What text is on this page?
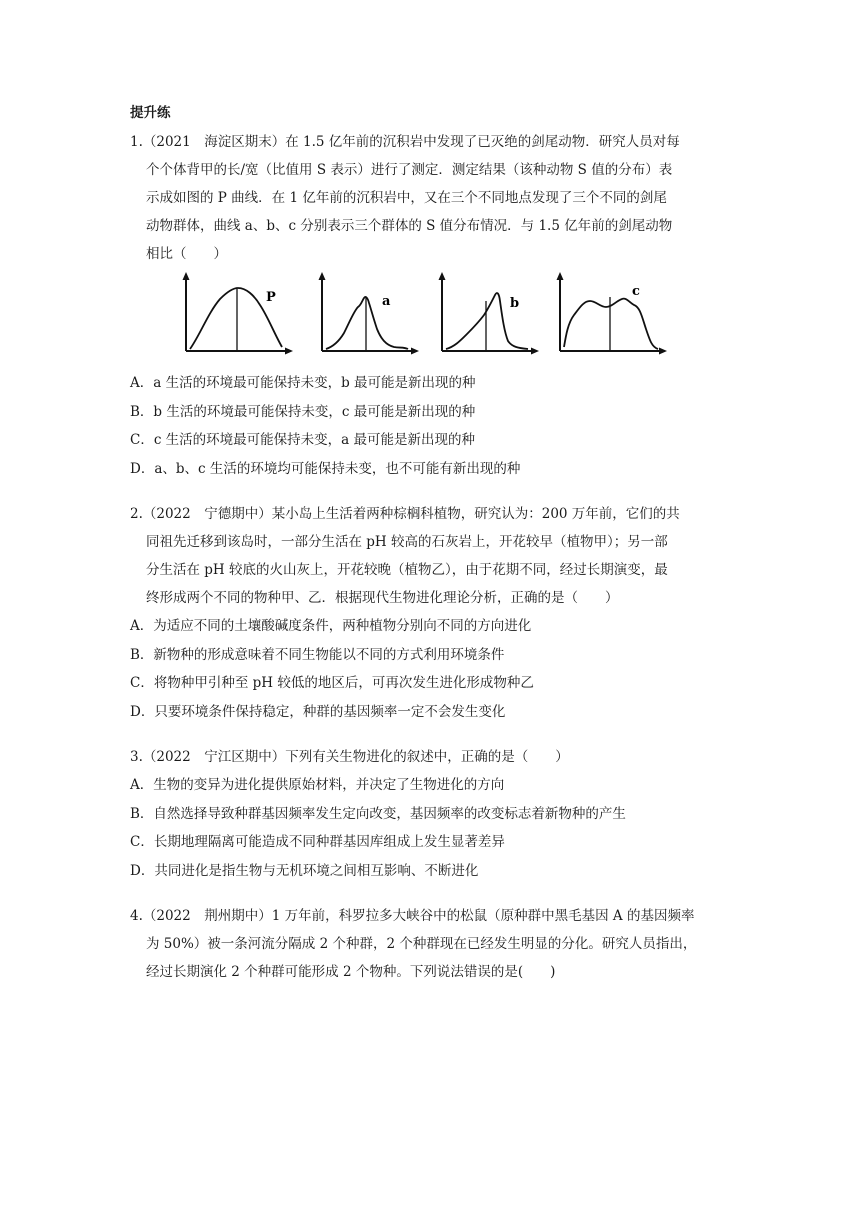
提升练
1.（2021　海淀区期末）在 1.5 亿年前的沉积岩中发现了已灭绝的剑尾动物．研究人员对每
个个体背甲的长/宽（比值用 S 表示）进行了测定．测定结果（该种动物 S 值的分布）表
示成如图的 P 曲线．在 1 亿年前的沉积岩中，又在三个不同地点发现了三个不同的剑尾
动物群体，曲线 a、b、c 分别表示三个群体的 S 值分布情况．与 1.5 亿年前的剑尾动物
相比（　　）
P	a	b
c
A．a 生活的环境最可能保持未变，b 最可能是新出现的种
B．b 生活的环境最可能保持未变，c 最可能是新出现的种
C．c 生活的环境最可能保持未变，a 最可能是新出现的种
D．a、b、c 生活的环境均可能保持未变，也不可能有新出现的种
2.（2022　宁德期中）某小岛上生活着两种棕榈科植物，研究认为：200 万年前，它们的共
同祖先迁移到该岛时，一部分生活在 pH 较高的石灰岩上，开花较早（植物甲）；另一部
分生活在 pH 较底的火山灰上，开花较晚（植物乙），由于花期不同，经过长期演变，最
终形成两个不同的物种甲、乙．根据现代生物进化理论分析，正确的是（　　）
A．为适应不同的土壤酸碱度条件，两种植物分别向不同的方向进化
B．新物种的形成意味着不同生物能以不同的方式利用环境条件
C．将物种甲引种至 pH 较低的地区后，可再次发生进化形成物种乙
D．只要环境条件保持稳定，种群的基因频率一定不会发生变化
3.（2022　宁江区期中）下列有关生物进化的叙述中，正确的是（　　）
A．生物的变异为进化提供原始材料，并决定了生物进化的方向
B．自然选择导致种群基因频率发生定向改变，基因频率的改变标志着新物种的产生
C．长期地理隔离可能造成不同种群基因库组成上发生显著差异
D．共同进化是指生物与无机环境之间相互影响、不断进化
4.（2022　荆州期中）1 万年前，科罗拉多大峡谷中的松鼠（原种群中黑毛基因 A 的基因频率
为 50%）被一条河流分隔成 2 个种群，2 个种群现在已经发生明显的分化。研究人员指出，
经过长期演化 2 个种群可能形成 2 个物种。下列说法错误的是(　　)
